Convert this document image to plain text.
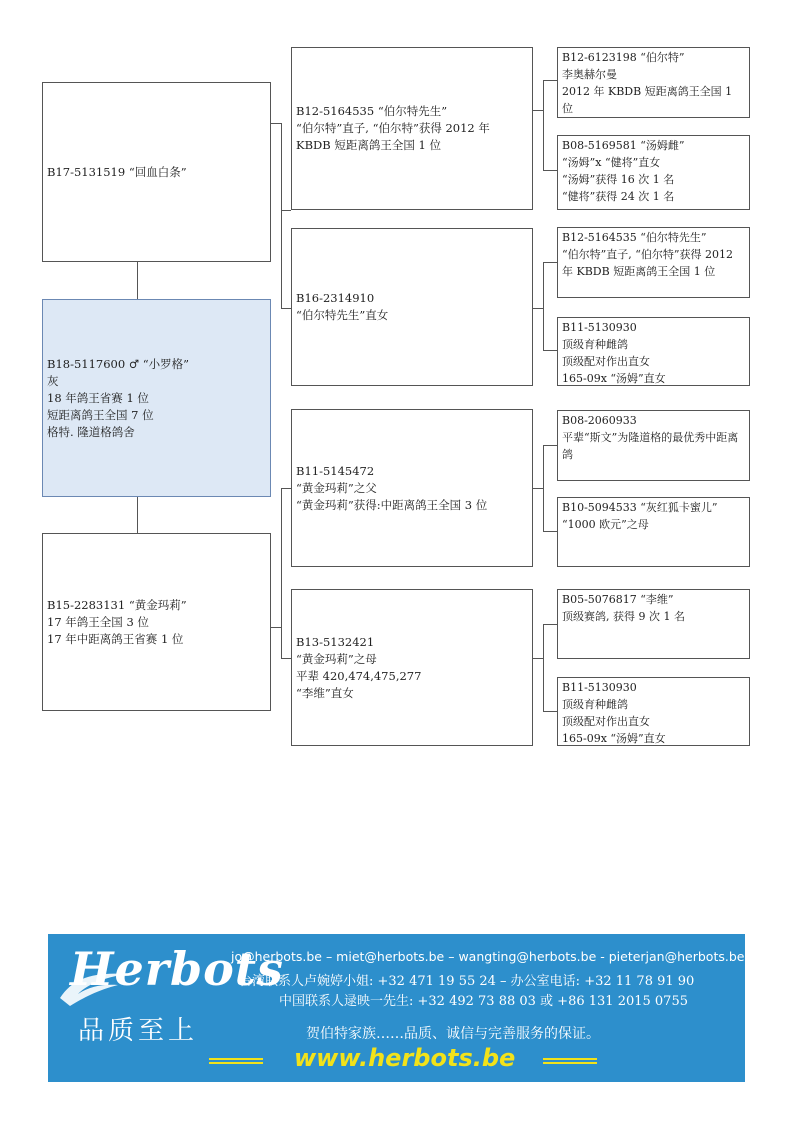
B17-5131519 “回血白条”
B18-5117600 ♂ “小罗格”
灰
18 年鸽王省赛 1 位
短距离鸽王全国 7 位
格特. 隆道格鸽舍
B15-2283131 “黄金玛莉”
17 年鸽王全国 3 位
17 年中距离鸽王省赛 1 位
B12-5164535 “伯尔特先生”
“伯尔特”直子, “伯尔特”获得 2012 年 KBDB 短距离鸽王全国 1 位
B16-2314910
“伯尔特先生”直女
B11-5145472
“黄金玛莉”之父
“黄金玛莉”获得:中距离鸽王全国 3 位
B13-5132421
“黄金玛莉”之母
平辈 420,474,475,277
“李维”直女
B12-6123198 “伯尔特”
李奥赫尔曼
2012 年 KBDB 短距离鸽王全国 1 位
B08-5169581 “汤姆雌”
“汤姆”x “健将”直女
“汤姆”获得 16 次 1 名
“健将”获得 24 次 1 名
B12-5164535 “伯尔特先生”
“伯尔特”直子, “伯尔特”获得 2012 年 KBDB 短距离鸽王全国 1 位
B11-5130930
顶级育种雌鸽
顶级配对作出直女
165-09x “汤姆”直女
B08-2060933
平辈“斯文”为隆道格的最优秀中距离鸽
B10-5094533 “灰红狐卡蜜儿”
“1000 欧元”之母
B05-5076817 “李维”
顶级赛鸽, 获得 9 次 1 名
B11-5130930
顶级育种雌鸽
顶级配对作出直女
165-09x “汤姆”直女
Herbots
品质至上
jo@herbots.be – miet@herbots.be – wangting@herbots.be - pieterjan@herbots.be
台湾联系人卢婉婷小姐: +32 471 19 55 24 – 办公室电话: +32 11 78 91 90
中国联系人逯映一先生: +32 492 73 88 03 或 +86 131 2015 0755
贺伯特家族……品质、诚信与完善服务的保证。
www.herbots.be
